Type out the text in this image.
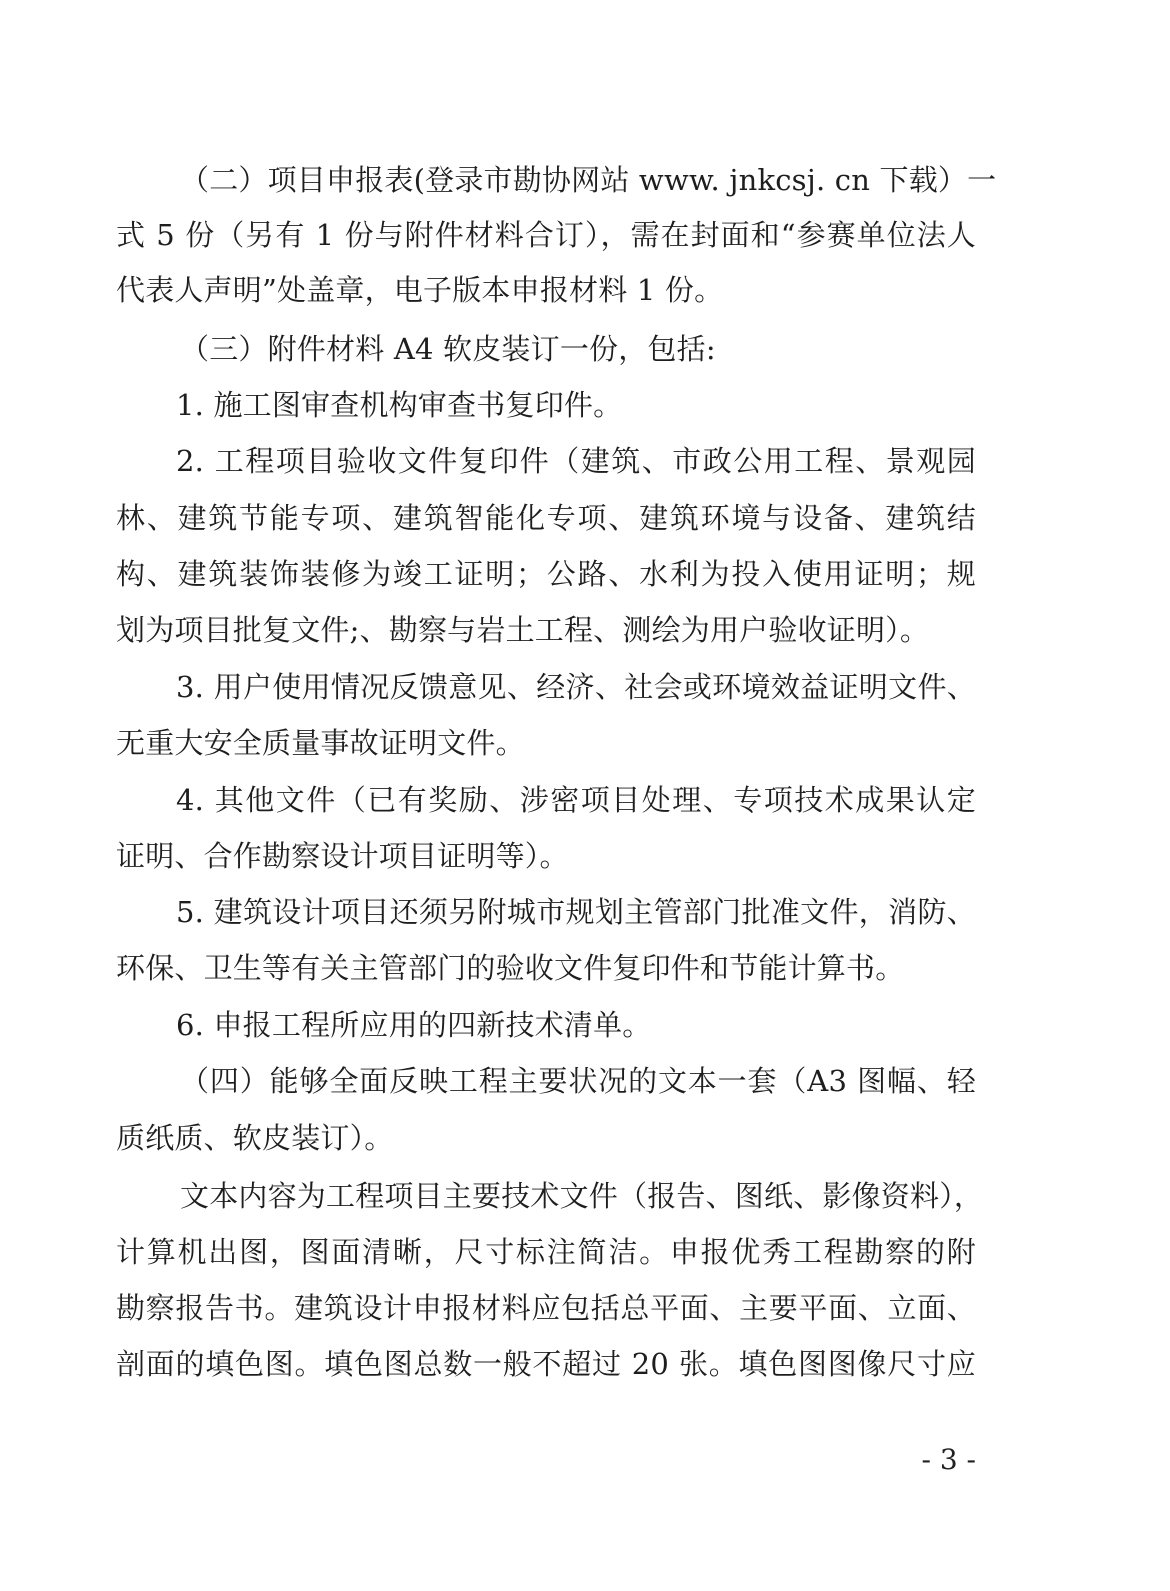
（二）项目申报表(登录市勘协网站 www. jnkcsj. cn 下载）一
式 5 份（另有 1 份与附件材料合订），需在封面和“参赛单位法人
代表人声明”处盖章，电子版本申报材料 1 份。
（三）附件材料 A4 软皮装订一份，包括:
1. 施工图审查机构审查书复印件。
2. 工程项目验收文件复印件（建筑、市政公用工程、景观园
林、建筑节能专项、建筑智能化专项、建筑环境与设备、建筑结
构、建筑装饰装修为竣工证明；公路、水利为投入使用证明；规
划为项目批复文件;、勘察与岩土工程、测绘为用户验收证明）。
3. 用户使用情况反馈意见、经济、社会或环境效益证明文件、
无重大安全质量事故证明文件。
4. 其他文件（已有奖励、涉密项目处理、专项技术成果认定
证明、合作勘察设计项目证明等）。
5. 建筑设计项目还须另附城市规划主管部门批准文件，消防、
环保、卫生等有关主管部门的验收文件复印件和节能计算书。
6. 申报工程所应用的四新技术清单。
（四）能够全面反映工程主要状况的文本一套（A3 图幅、轻
质纸质、软皮装订）。
文本内容为工程项目主要技术文件（报告、图纸、影像资料），
计算机出图，图面清晰，尺寸标注简洁。申报优秀工程勘察的附
勘察报告书。建筑设计申报材料应包括总平面、主要平面、立面、
剖面的填色图。填色图总数一般不超过 20 张。填色图图像尺寸应
- 3 -
